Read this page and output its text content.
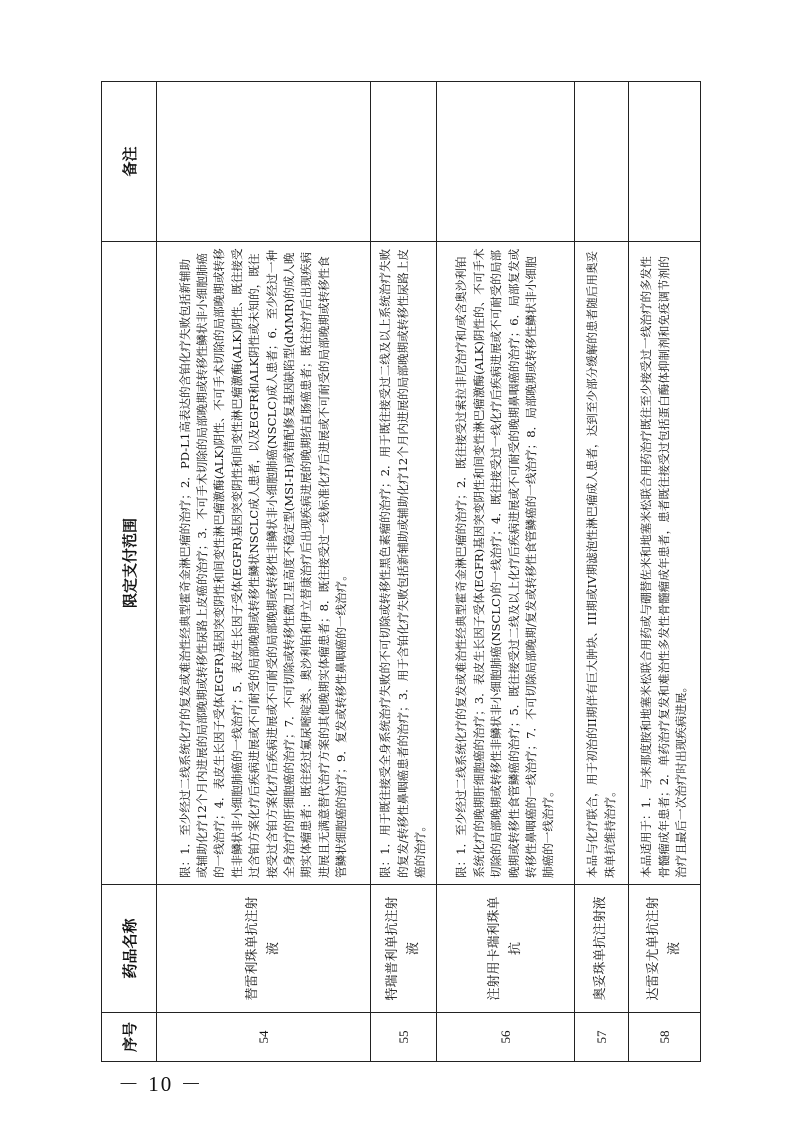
序号	药品名称	限定支付范围	备注
54	替雷利珠单抗注射液	限：1．至少经过二线系统化疗的复发或难治性经典型霍奇金淋巴瘤的治疗；2．PD-L1高表达的含铂化疗失败包括新辅助或辅助化疗12个月内进展的局部晚期或转移性尿路上皮癌的治疗；3．不可手术切除的局部晚期或转移性鳞状非小细胞肺癌的一线治疗；4．表皮生长因子受体(EGFR)基因突变阴性和间变性淋巴瘤激酶(ALK)阴性、不可手术切除的局部晚期或转移性非鳞状非小细胞肺癌的一线治疗；5．表皮生长因子受体(EGFR)基因突变阴性和间变性淋巴瘤激酶(ALK)阴性、既往接受过含铂方案化疗后疾病进展或不可耐受的局部晚期或转移性鳞状NSCLC成人患者，以及EGFR和ALK阴性或未知的，既往接受过含铂方案化疗后疾病进展或不可耐受的局部晚期或转移性非鳞状非小细胞肺癌(NSCLC)成人患者；6．至少经过一种全身治疗的肝细胞癌的治疗；7．不可切除或转移性微卫星高度不稳定型(MSI-H)或错配修复基因缺陷型(dMMR)的成人晚期实体瘤患者：既往经过氟尿嘧啶类、奥沙利铂和伊立替康治疗后出现疾病进展的晚期结直肠癌患者；既往治疗后出现疾病进展且无满意替代治疗方案的其他晚期实体瘤患者；8．既往接受过一线标准化疗后进展或不可耐受的局部晚期或转移性食管鳞状细胞癌的治疗；9．复发或转移性鼻咽癌的一线治疗。	
55	特瑞普利单抗注射液	限：1．用于既往接受全身系统治疗失败的不可切除或转移性黑色素瘤的治疗；2．用于既往接受过二线及以上系统治疗失败的复发/转移性鼻咽癌患者的治疗；3．用于含铂化疗失败包括新辅助或辅助化疗12个月内进展的局部晚期或转移性尿路上皮癌的治疗。	
56	注射用卡瑞利珠单抗	限：1．至少经过二线系统化疗的复发或难治性经典型霍奇金淋巴瘤的治疗；2．既往接受过索拉非尼治疗和/或含奥沙利铂系统化疗的晚期肝细胞癌的治疗；3．表皮生长因子受体(EGFR)基因突变阴性和间变性淋巴瘤激酶(ALK)阴性的、不可手术切除的局部晚期或转移性非鳞状非小细胞肺癌(NSCLC)的一线治疗；4．既往接受过一线化疗后疾病进展或不可耐受的局部晚期或转移性食管鳞癌的治疗；5．既往接受过二线及以上化疗后疾病进展或不可耐受的晚期鼻咽癌的治疗；6．局部复发或转移性鼻咽癌的一线治疗；7．不可切除局部晚期/复发或转移性食管鳞癌的一线治疗；8．局部晚期或转移性鳞状非小细胞肺癌的一线治疗。	
57	奥妥珠单抗注射液	本品与化疗联合，用于初治的II期伴有巨大肿块、III期或IV期滤泡性淋巴瘤成人患者，达到至少部分缓解的患者随后用奥妥珠单抗维持治疗。	
58	达雷妥尤单抗注射液	本品适用于：1．与来那度胺和地塞米松联合用药或与硼替佐米和地塞米松联合用药治疗既往至少接受过一线治疗的多发性骨髓瘤成年患者；2．单药治疗复发和难治性多发性骨髓瘤成年患者，患者既往接受过包括蛋白酶体抑制剂和免疫调节剂的治疗且最后一次治疗时出现疾病进展。	
－ 10 －
